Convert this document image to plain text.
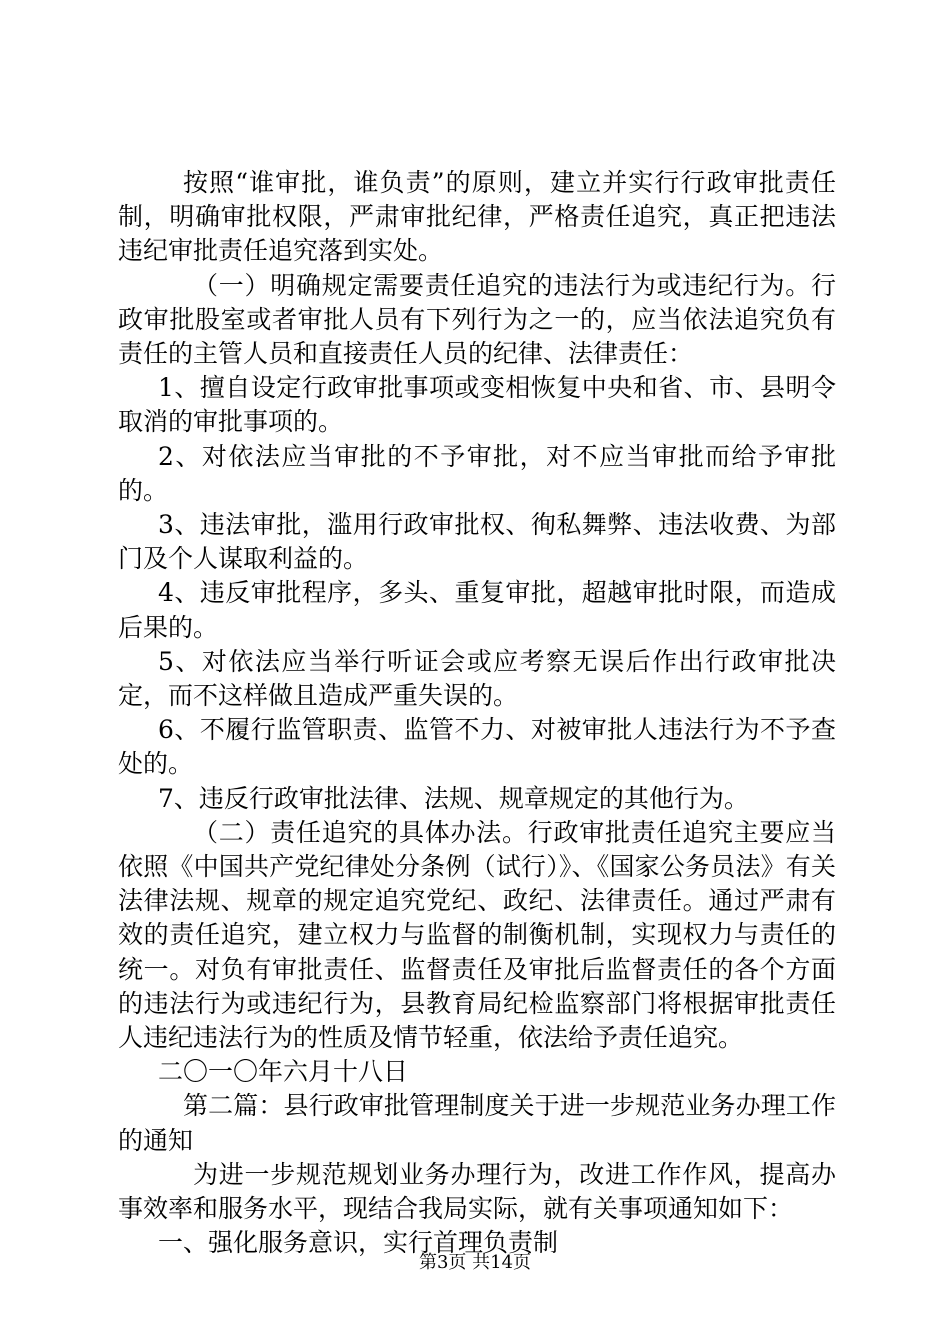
按照“谁审批，谁负责”的原则，建立并实行行政审批责任制，明确审批权限，严肃审批纪律，严格责任追究，真正把违法违纪审批责任追究落到实处。

（一）明确规定需要责任追究的违法行为或违纪行为。行政审批股室或者审批人员有下列行为之一的，应当依法追究负有责任的主管人员和直接责任人员的纪律、法律责任：

1、擅自设定行政审批事项或变相恢复中央和省、市、县明令取消的审批事项的。

2、对依法应当审批的不予审批，对不应当审批而给予审批的。

3、违法审批，滥用行政审批权、徇私舞弊、违法收费、为部门及个人谋取利益的。

4、违反审批程序，多头、重复审批，超越审批时限，而造成后果的。

5、对依法应当举行听证会或应考察无误后作出行政审批决定，而不这样做且造成严重失误的。

6、不履行监管职责、监管不力、对被审批人违法行为不予查处的。

7、违反行政审批法律、法规、规章规定的其他行为。

（二）责任追究的具体办法。行政审批责任追究主要应当依照《中国共产党纪律处分条例（试行）》、《国家公务员法》有关法律法规、规章的规定追究党纪、政纪、法律责任。通过严肃有效的责任追究，建立权力与监督的制衡机制，实现权力与责任的统一。对负有审批责任、监督责任及审批后监督责任的各个方面的违法行为或违纪行为，县教育局纪检监察部门将根据审批责任人违纪违法行为的性质及情节轻重，依法给予责任追究。

二〇一〇年六月十八日

第二篇：县行政审批管理制度关于进一步规范业务办理工作的通知

为进一步规范规划业务办理行为，改进工作作风，提高办事效率和服务水平，现结合我局实际，就有关事项通知如下：

一、强化服务意识，实行首理负责制

第3页 共14页
